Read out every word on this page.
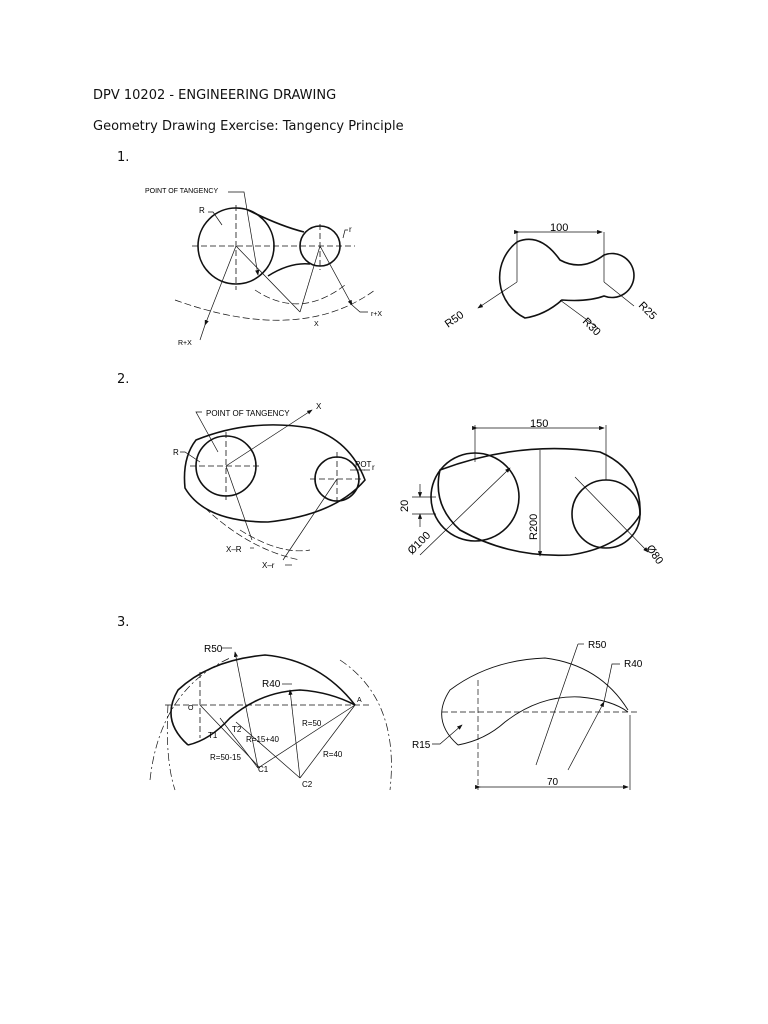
DPV 10202 - ENGINEERING DRAWING
Geometry Drawing Exercise: Tangency Principle
1.
2.
3.
POINT OF TANGENCY
R
r
X
r+X
R+X
100
R50	R30
R25
POINT OF TANGENCY
X
R
POT r
X–R
X–r
150
20
Ø100
R200
Ø80
R50
R40
O
A
R=50
T1
T2
R=15+40
R=40
R=50-15
C1
C2
R50
R40
R15
70
